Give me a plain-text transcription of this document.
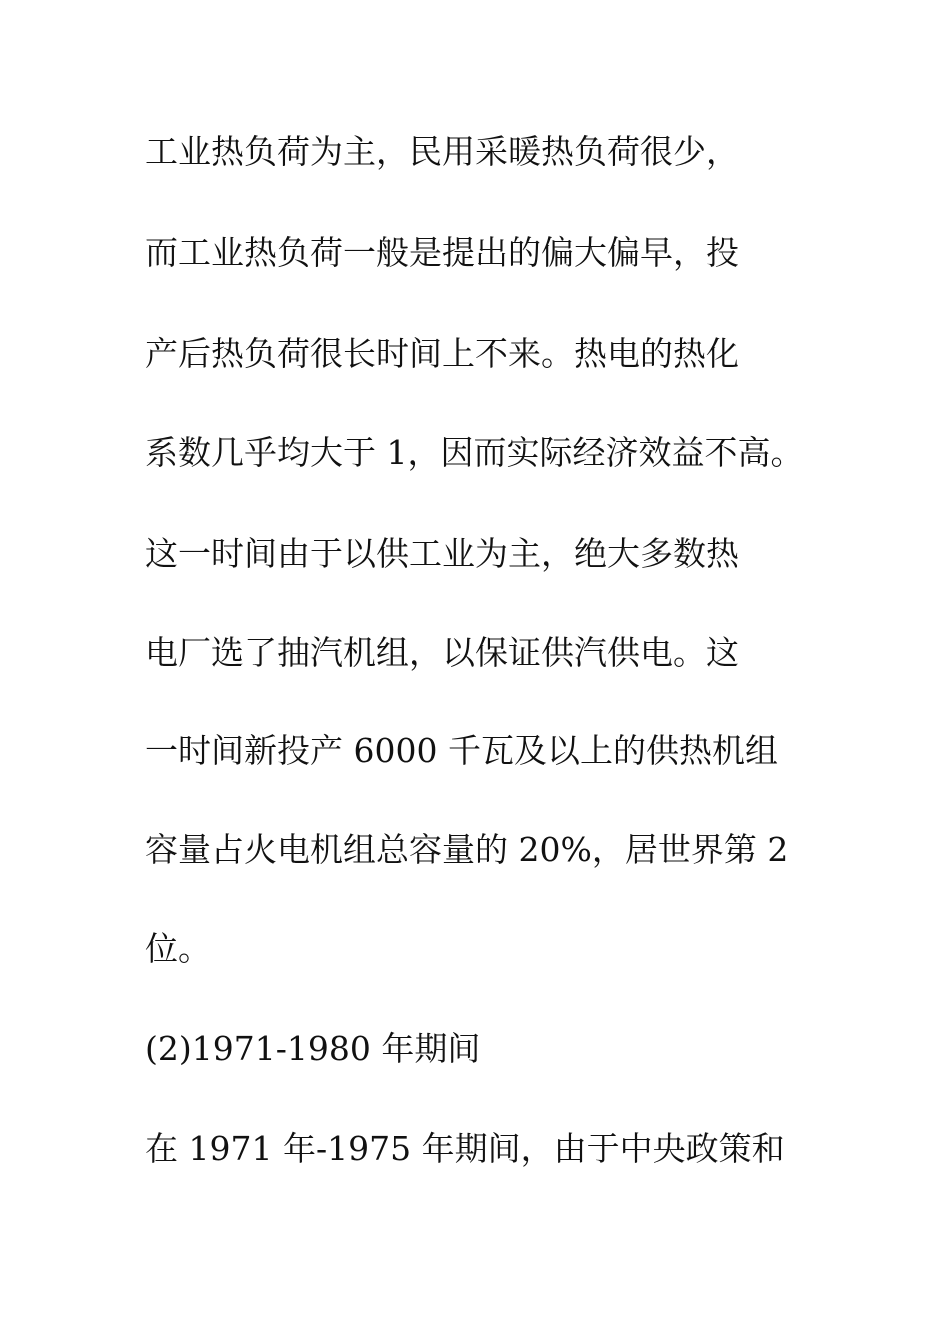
工业热负荷为主，民用采暖热负荷很少，
而工业热负荷一般是提出的偏大偏早，投
产后热负荷很长时间上不来。热电的热化
系数几乎均大于 1，因而实际经济效益不高。
这一时间由于以供工业为主，绝大多数热
电厂选了抽汽机组，以保证供汽供电。这
一时间新投产 6000 千瓦及以上的供热机组
容量占火电机组总容量的 20%，居世界第 2
位。
(2)1971-1980 年期间
在 1971 年-1975 年期间，由于中央政策和
